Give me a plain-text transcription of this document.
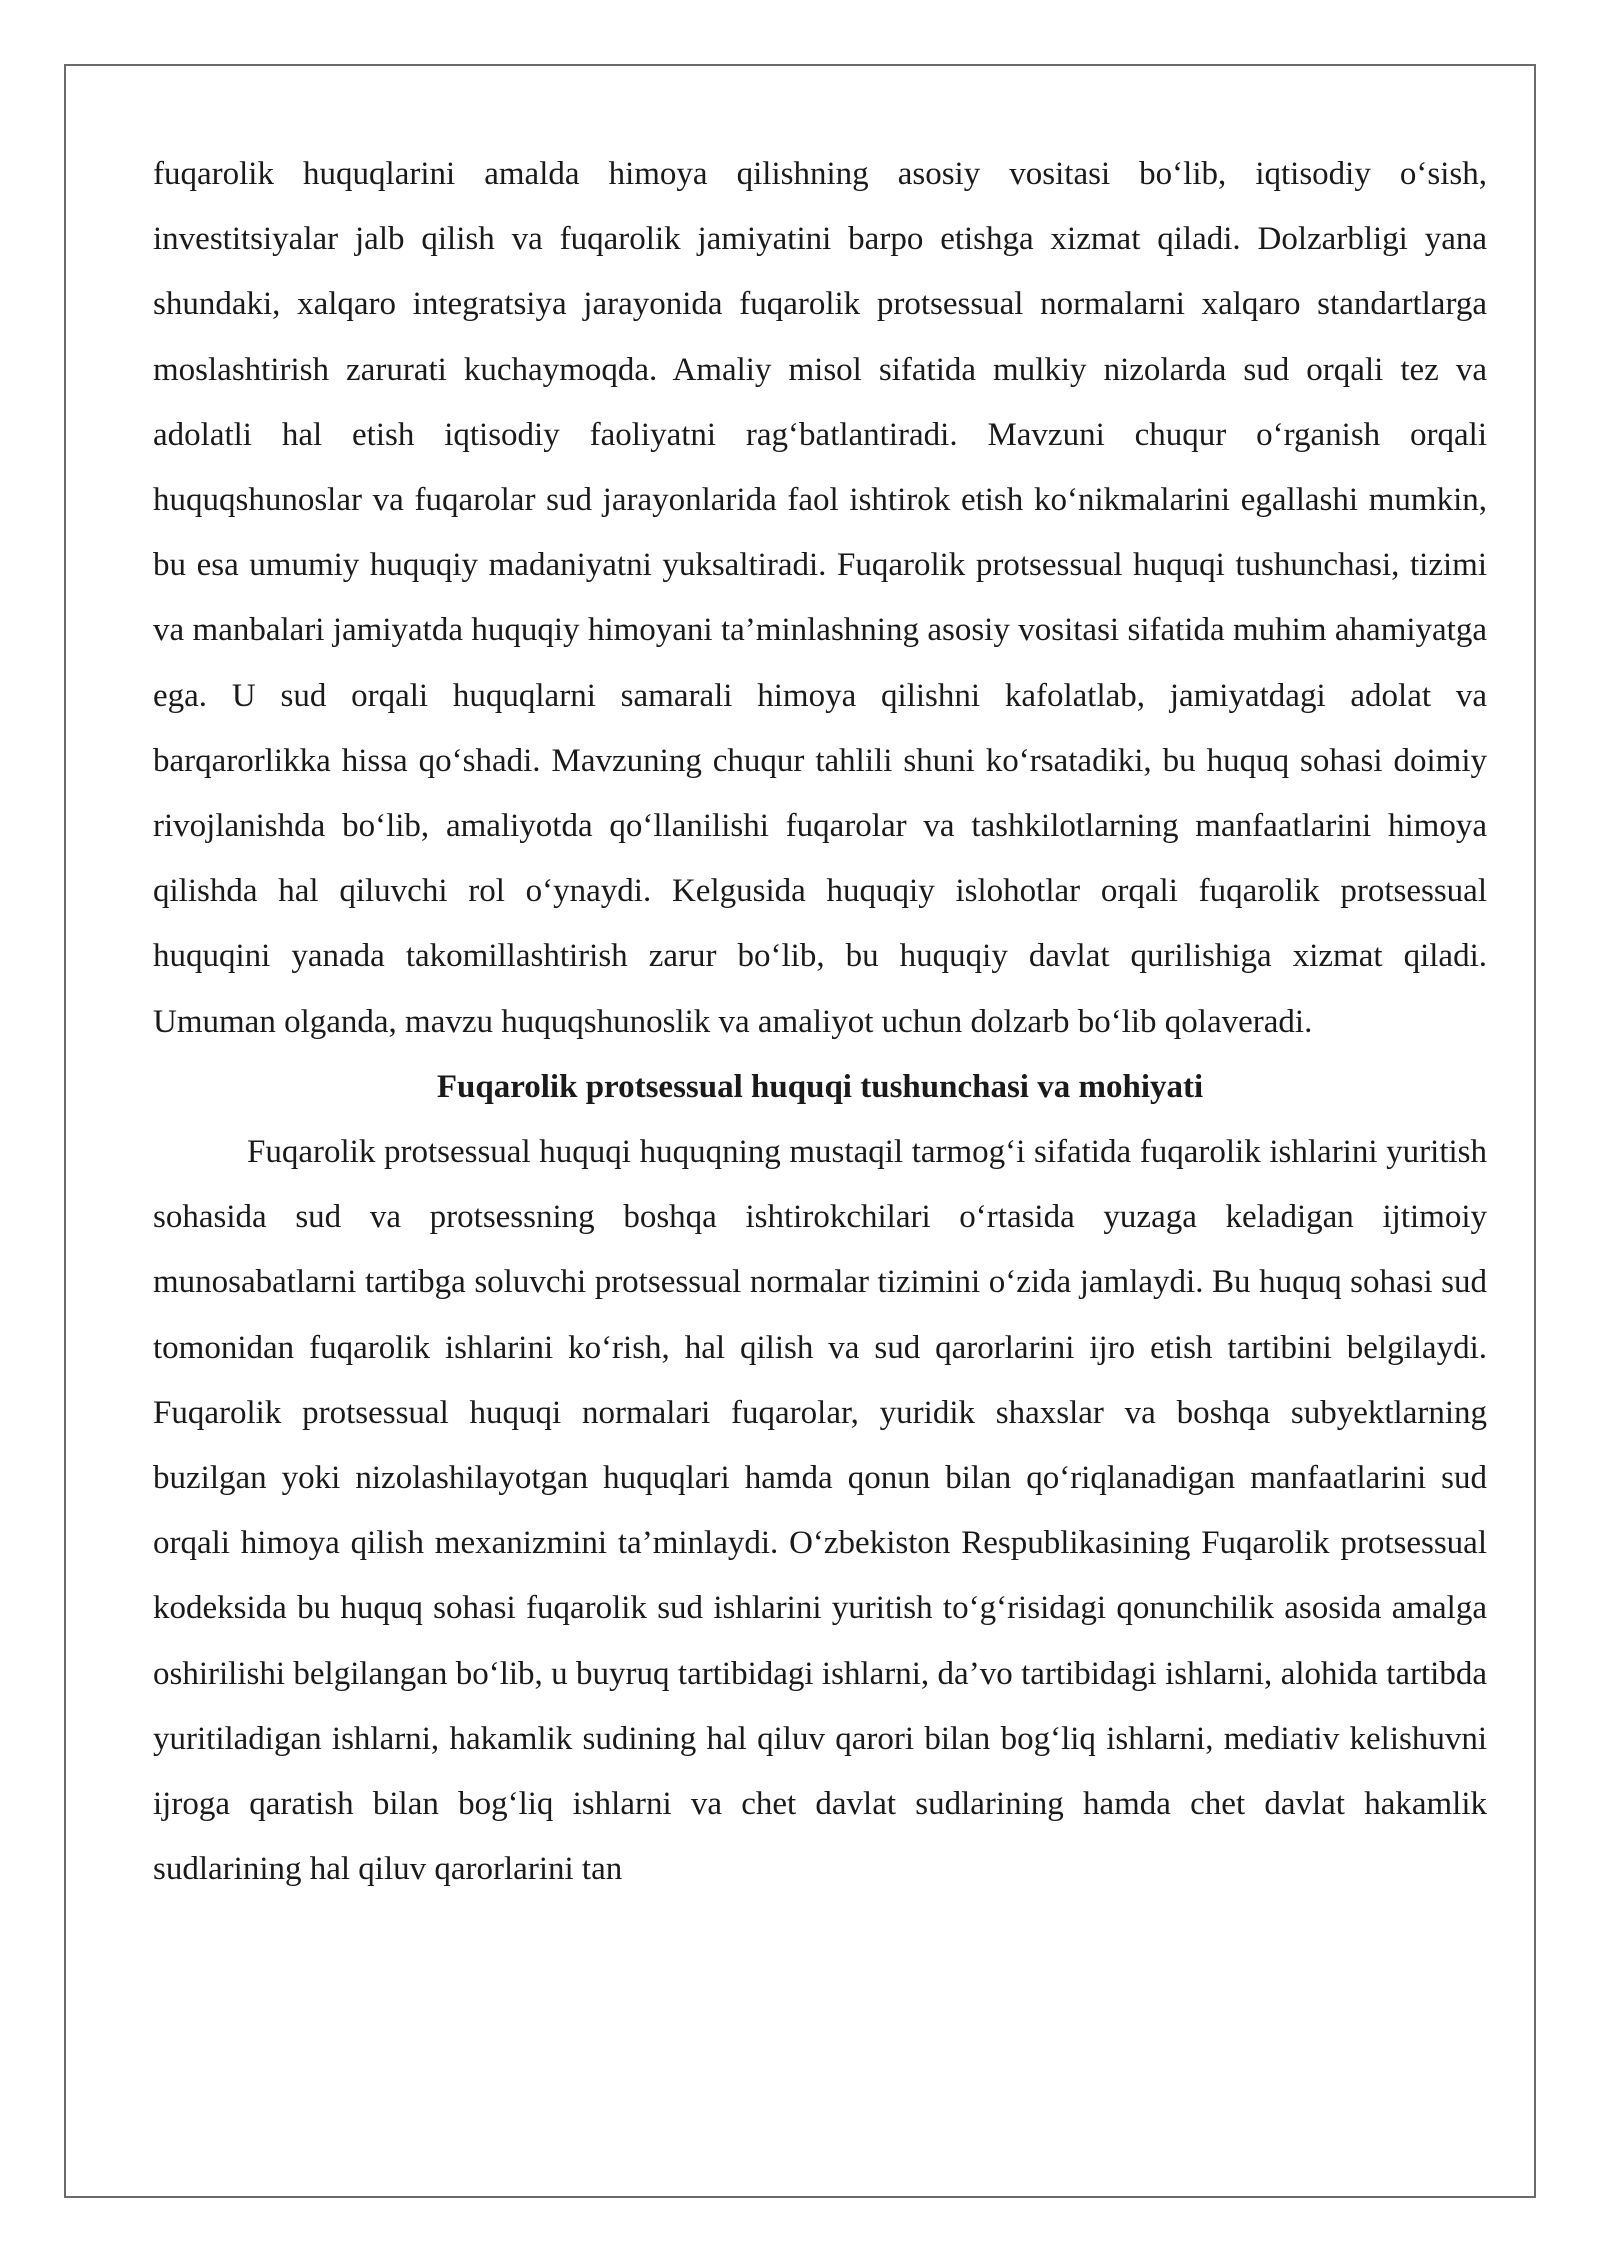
fuqarolik huquqlarini amalda himoya qilishning asosiy vositasi bo‘lib, iqtisodiy o‘sish, investitsiyalar jalb qilish va fuqarolik jamiyatini barpo etishga xizmat qiladi. Dolzarbligi yana shundaki, xalqaro integratsiya jarayonida fuqarolik protsessual normalarni xalqaro standartlarga moslashtirish zarurati kuchaymoqda. Amaliy misol sifatida mulkiy nizolarda sud orqali tez va adolatli hal etish iqtisodiy faoliyatni rag‘batlantiradi. Mavzuni chuqur o‘rganish orqali huquqshunoslar va fuqarolar sud jarayonlarida faol ishtirok etish ko‘nikmalarini egallashi mumkin, bu esa umumiy huquqiy madaniyatni yuksaltiradi. Fuqarolik protsessual huquqi tushunchasi, tizimi va manbalari jamiyatda huquqiy himoyani ta’minlashning asosiy vositasi sifatida muhim ahamiyatga ega. U sud orqali huquqlarni samarali himoya qilishni kafolatlab, jamiyatdagi adolat va barqarorlikka hissa qo‘shadi. Mavzuning chuqur tahlili shuni ko‘rsatadiki, bu huquq sohasi doimiy rivojlanishda bo‘lib, amaliyotda qo‘llanilishi fuqarolar va tashkilotlarning manfaatlarini himoya qilishda hal qiluvchi rol o‘ynaydi. Kelgusida huquqiy islohotlar orqali fuqarolik protsessual huquqini yanada takomillashtirish zarur bo‘lib, bu huquqiy davlat qurilishiga xizmat qiladi. Umuman olganda, mavzu huquqshunoslik va amaliyot uchun dolzarb bo‘lib qolaveradi.

Fuqarolik protsessual huquqi tushunchasi va mohiyati

Fuqarolik protsessual huquqi huquqning mustaqil tarmog‘i sifatida fuqarolik ishlarini yuritish sohasida sud va protsessning boshqa ishtirokchilari o‘rtasida yuzaga keladigan ijtimoiy munosabatlarni tartibga soluvchi protsessual normalar tizimini o‘zida jamlaydi. Bu huquq sohasi sud tomonidan fuqarolik ishlarini ko‘rish, hal qilish va sud qarorlarini ijro etish tartibini belgilaydi. Fuqarolik protsessual huquqi normalari fuqarolar, yuridik shaxslar va boshqa subyektlarning buzilgan yoki nizolashilayotgan huquqlari hamda qonun bilan qo‘riqlanadigan manfaatlarini sud orqali himoya qilish mexanizmini ta’minlaydi. O‘zbekiston Respublikasining Fuqarolik protsessual kodeksida bu huquq sohasi fuqarolik sud ishlarini yuritish to‘g‘risidagi qonunchilik asosida amalga oshirilishi belgilangan bo‘lib, u buyruq tartibidagi ishlarni, da’vo tartibidagi ishlarni, alohida tartibda yuritiladigan ishlarni, hakamlik sudining hal qiluv qarori bilan bog‘liq ishlarni, mediativ kelishuvni ijroga qaratish bilan bog‘liq ishlarni va chet davlat sudlarining hamda chet davlat hakamlik sudlarining hal qiluv qarorlarini tan
